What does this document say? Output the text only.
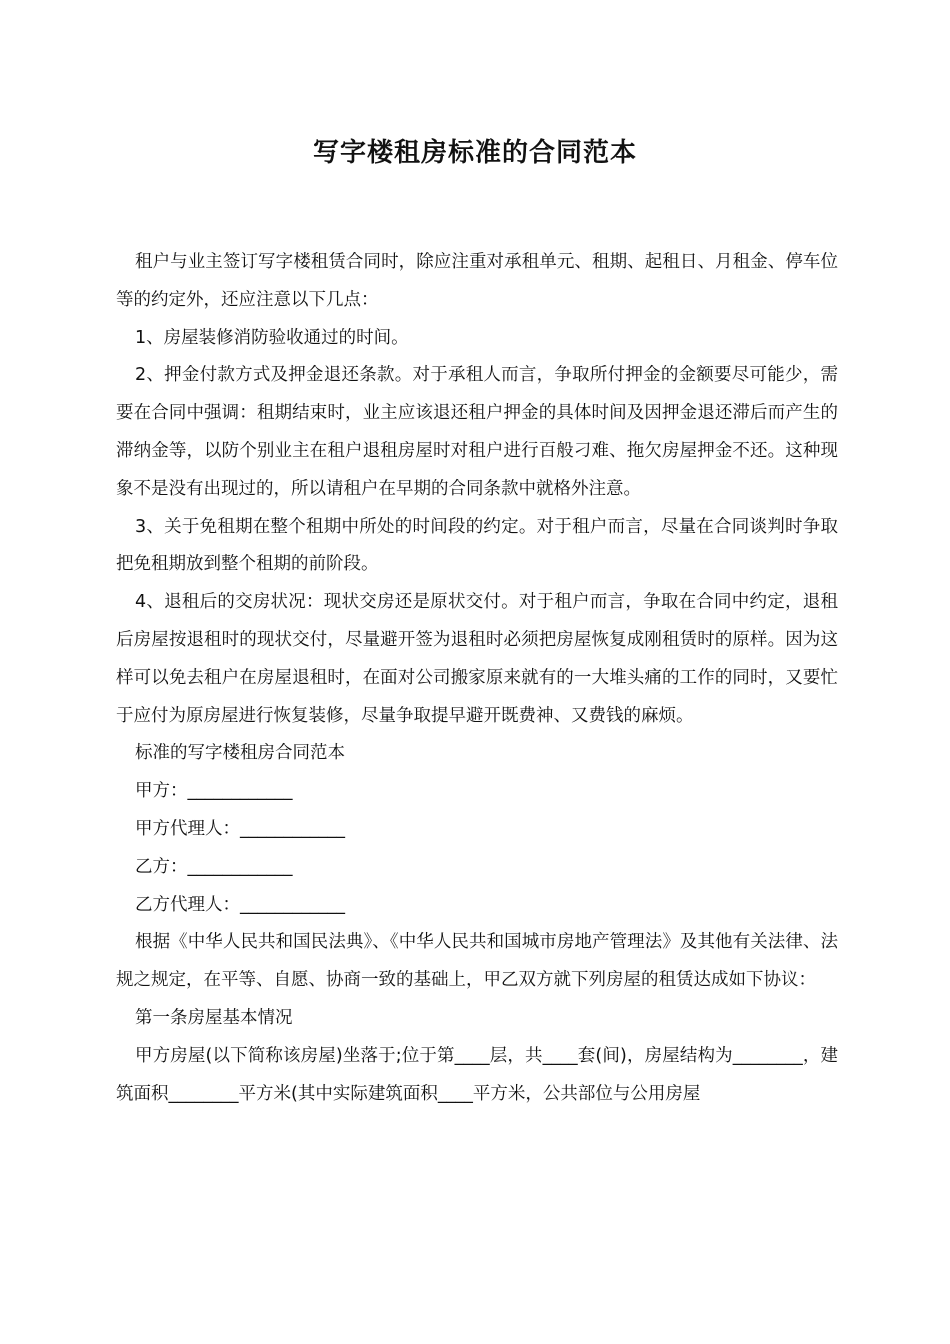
写字楼租房标准的合同范本

租户与业主签订写字楼租赁合同时，除应注重对承租单元、租期、起租日、月租金、停车位等的约定外，还应注意以下几点：

1、房屋装修消防验收通过的时间。

2、押金付款方式及押金退还条款。对于承租人而言，争取所付押金的金额要尽可能少，需要在合同中强调：租期结束时，业主应该退还租户押金的具体时间及因押金退还滞后而产生的滞纳金等，以防个别业主在租户退租房屋时对租户进行百般刁难、拖欠房屋押金不还。这种现象不是没有出现过的，所以请租户在早期的合同条款中就格外注意。

3、关于免租期在整个租期中所处的时间段的约定。对于租户而言，尽量在合同谈判时争取把免租期放到整个租期的前阶段。

4、退租后的交房状况：现状交房还是原状交付。对于租户而言，争取在合同中约定，退租后房屋按退租时的现状交付，尽量避开签为退租时必须把房屋恢复成刚租赁时的原样。因为这样可以免去租户在房屋退租时，在面对公司搬家原来就有的一大堆头痛的工作的同时，又要忙于应付为原房屋进行恢复装修，尽量争取提早避开既费神、又费钱的麻烦。

标准的写字楼租房合同范本

甲方：____________

甲方代理人：____________

乙方：____________

乙方代理人：____________

根据《中华人民共和国民法典》、《中华人民共和国城市房地产管理法》及其他有关法律、法规之规定，在平等、自愿、协商一致的基础上，甲乙双方就下列房屋的租赁达成如下协议：

第一条房屋基本情况

甲方房屋(以下简称该房屋)坐落于;位于第____层，共____套(间)，房屋结构为________，建筑面积________平方米(其中实际建筑面积____平方米，公共部位与公用房屋
